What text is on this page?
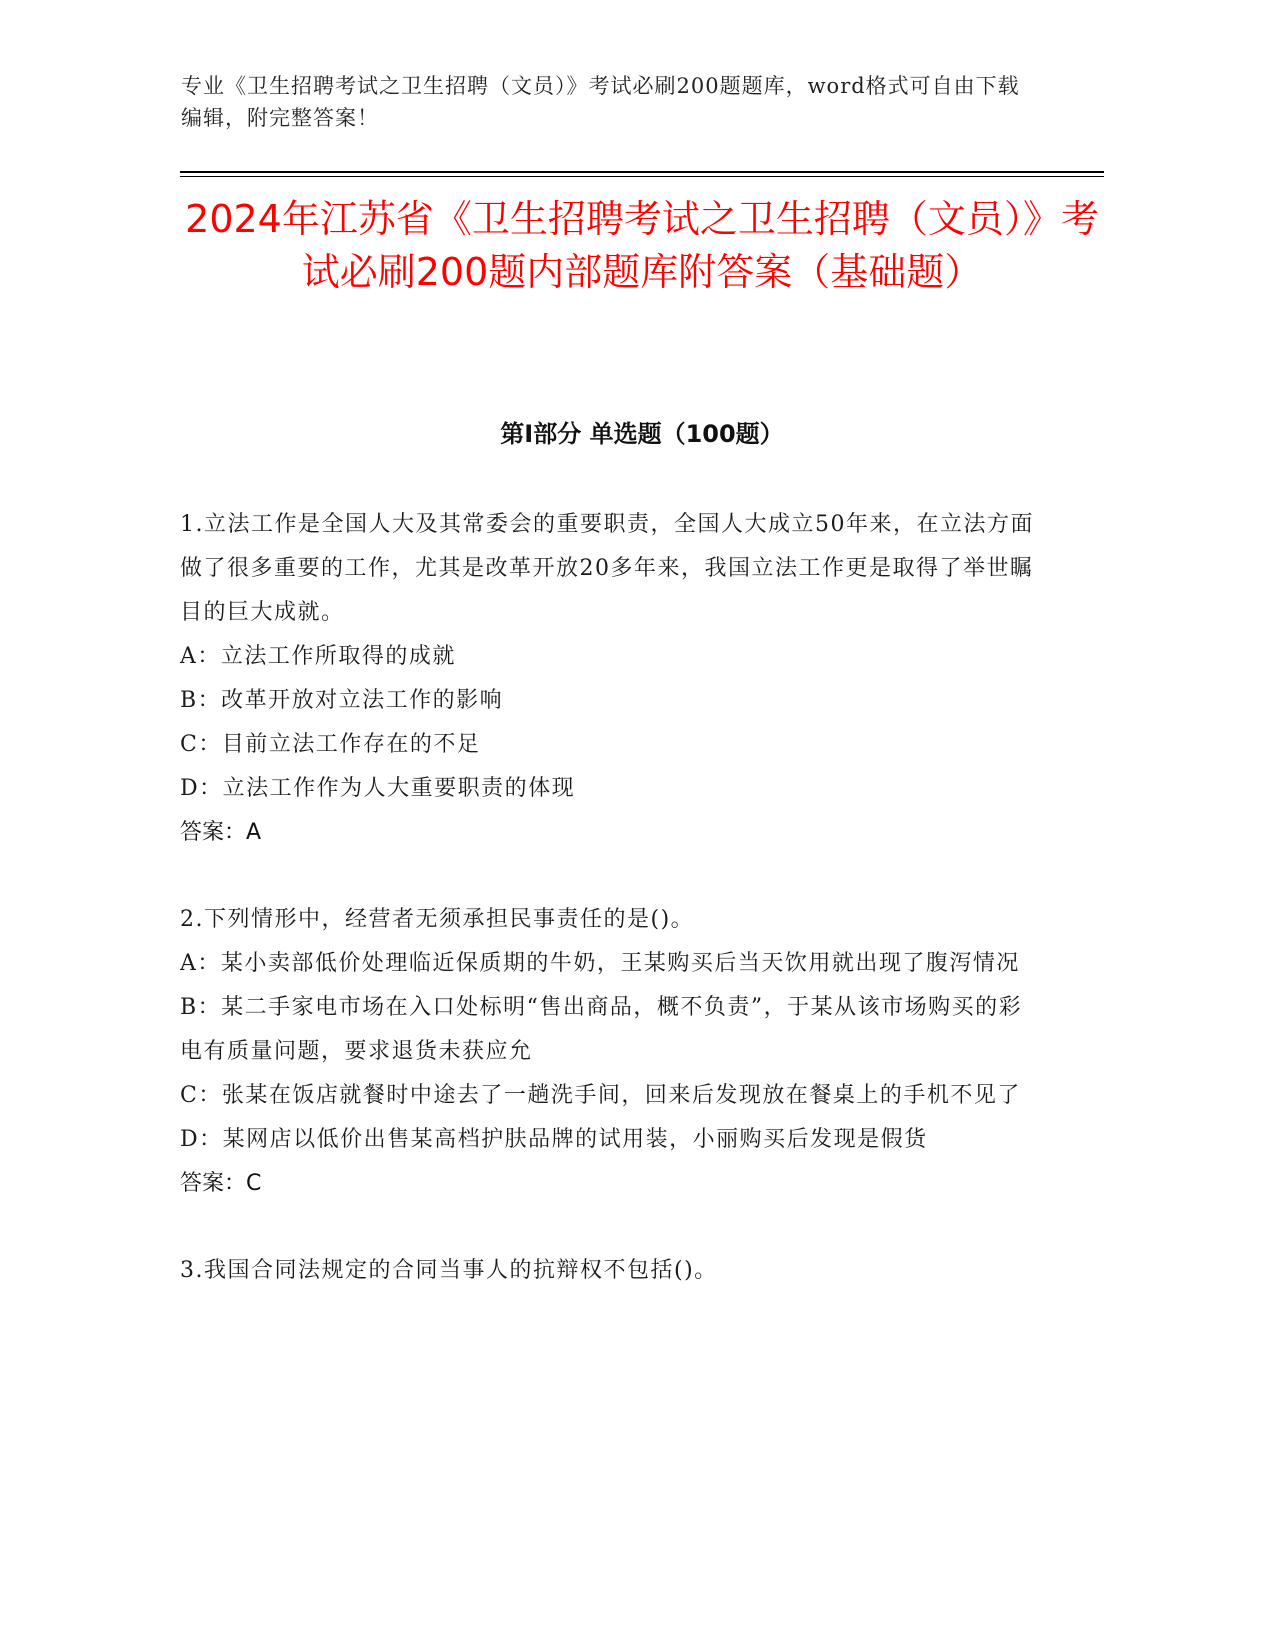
专业《卫生招聘考试之卫生招聘（文员）》考试必刷200题题库，word格式可自由下载编辑，附完整答案！
2024年江苏省《卫生招聘考试之卫生招聘（文员）》考试必刷200题内部题库附答案（基础题）
第I部分 单选题（100题）

1.立法工作是全国人大及其常委会的重要职责，全国人大成立50年来，在立法方面做了很多重要的工作，尤其是改革开放20多年来，我国立法工作更是取得了举世瞩目的巨大成就。

A：立法工作所取得的成就

B：改革开放对立法工作的影响

C：目前立法工作存在的不足

D：立法工作作为人大重要职责的体现

答案：A

2.下列情形中，经营者无须承担民事责任的是()。

A：某小卖部低价处理临近保质期的牛奶，王某购买后当天饮用就出现了腹泻情况

B：某二手家电市场在入口处标明“售出商品，概不负责”，于某从该市场购买的彩电有质量问题，要求退货未获应允

C：张某在饭店就餐时中途去了一趟洗手间，回来后发现放在餐桌上的手机不见了

D：某网店以低价出售某高档护肤品牌的试用装，小丽购买后发现是假货

答案：C

3.我国合同法规定的合同当事人的抗辩权不包括()。
